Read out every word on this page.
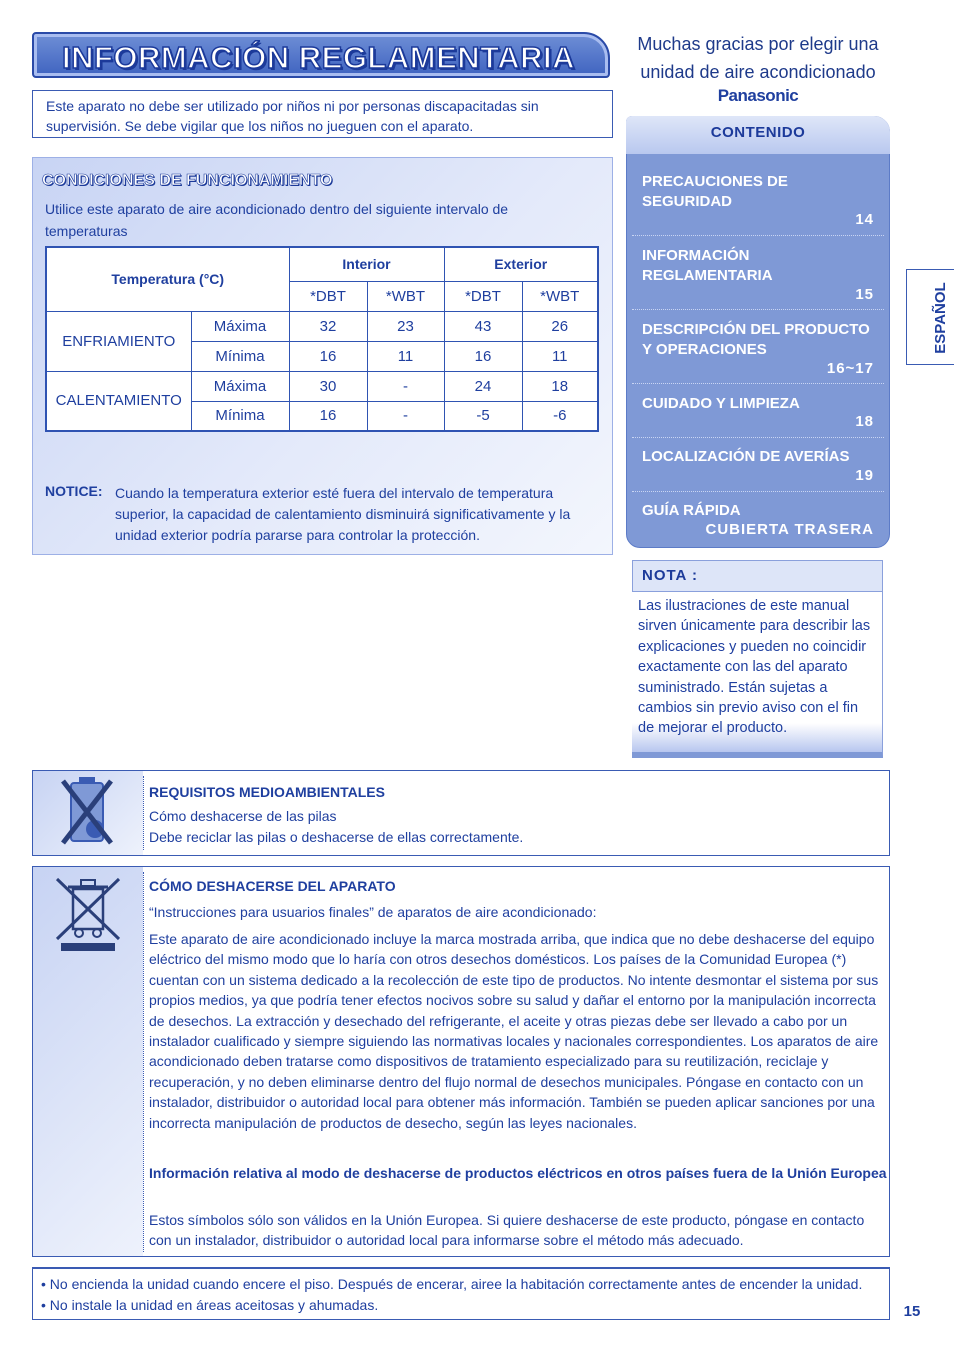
INFORMACIÓN REGLAMENTARIA	Muchas gracias por elegir una
unidad de aire acondicionado
Panasonic
Este aparato no debe ser utilizado por niños ni por personas discapacitadas sin supervisión. Se debe vigilar que los niños no jueguen con el aparato.
CONDICIONES DE FUNCIONAMIENTO
Utilice este aparato de aire acondicionado dentro del siguiente intervalo de temperaturas
Temperatura (°C)		Interior		Exterior	
		*DBT	*WBT	*DBT	*WBT
ENFRIAMIENTO	Máxima	32	23	43	26
	Mínima	16	11	16	11
CALENTAMIENTO	Máxima	30	-	24	18
	Mínima	16	-	-5	-6
NOTICE: Cuando la temperatura exterior esté fuera del intervalo de temperatura superior, la capacidad de calentamiento disminuirá significativamente y la unidad exterior podría pararse para controlar la protección.
CONTENIDO
PRECAUCIONES DE
SEGURIDAD
14
INFORMACIÓN
REGLAMENTARIA
15
DESCRIPCIÓN DEL PRODUCTO
Y OPERACIONES
16~17
CUIDADO Y LIMPIEZA
18
LOCALIZACIÓN DE AVERÍAS
19
GUÍA RÁPIDA
CUBIERTA TRASERA
ESPAÑOL
NOTA :
Las ilustraciones de este manual sirven únicamente para describir las explicaciones y pueden no coincidir exactamente con las del aparato suministrado. Están sujetas a cambios sin previo aviso con el fin de mejorar el producto.
REQUISITOS MEDIOAMBIENTALES
Cómo deshacerse de las pilas
Debe reciclar las pilas o deshacerse de ellas correctamente.
CÓMO DESHACERSE DEL APARATO
“Instrucciones para usuarios finales” de aparatos de aire acondicionado:
Este aparato de aire acondicionado incluye la marca mostrada arriba, que indica que no debe deshacerse del equipo eléctrico del mismo modo que lo haría con otros desechos domésticos. Los países de la Comunidad Europea (*) cuentan con un sistema dedicado a la recolección de este tipo de productos. No intente desmontar el sistema por sus propios medios, ya que podría tener efectos nocivos sobre su salud y dañar el entorno por la manipulación incorrecta de desechos. La extracción y desechado del refrigerante, el aceite y otras piezas debe ser llevado a cabo por un instalador cualificado y siempre siguiendo las normativas locales y nacionales correspondientes. Los aparatos de aire acondicionado deben tratarse como dispositivos de tratamiento especializado para su reutilización, reciclaje y recuperación, y no deben eliminarse dentro del flujo normal de desechos municipales. Póngase en contacto con un instalador, distribuidor o autoridad local para obtener más información. También se pueden aplicar sanciones por una incorrecta manipulación de productos de desecho, según las leyes nacionales.
Información relativa al modo de deshacerse de productos eléctricos en otros países fuera de la Unión Europea
Estos símbolos sólo son válidos en la Unión Europea. Si quiere deshacerse de este producto, póngase en contacto con un instalador, distribuidor o autoridad local para informarse sobre el método más adecuado.
• No encienda la unidad cuando encere el piso. Después de encerar, airee la habitación correctamente antes de encender la unidad.
• No instale la unidad en áreas aceitosas y ahumadas.	15
